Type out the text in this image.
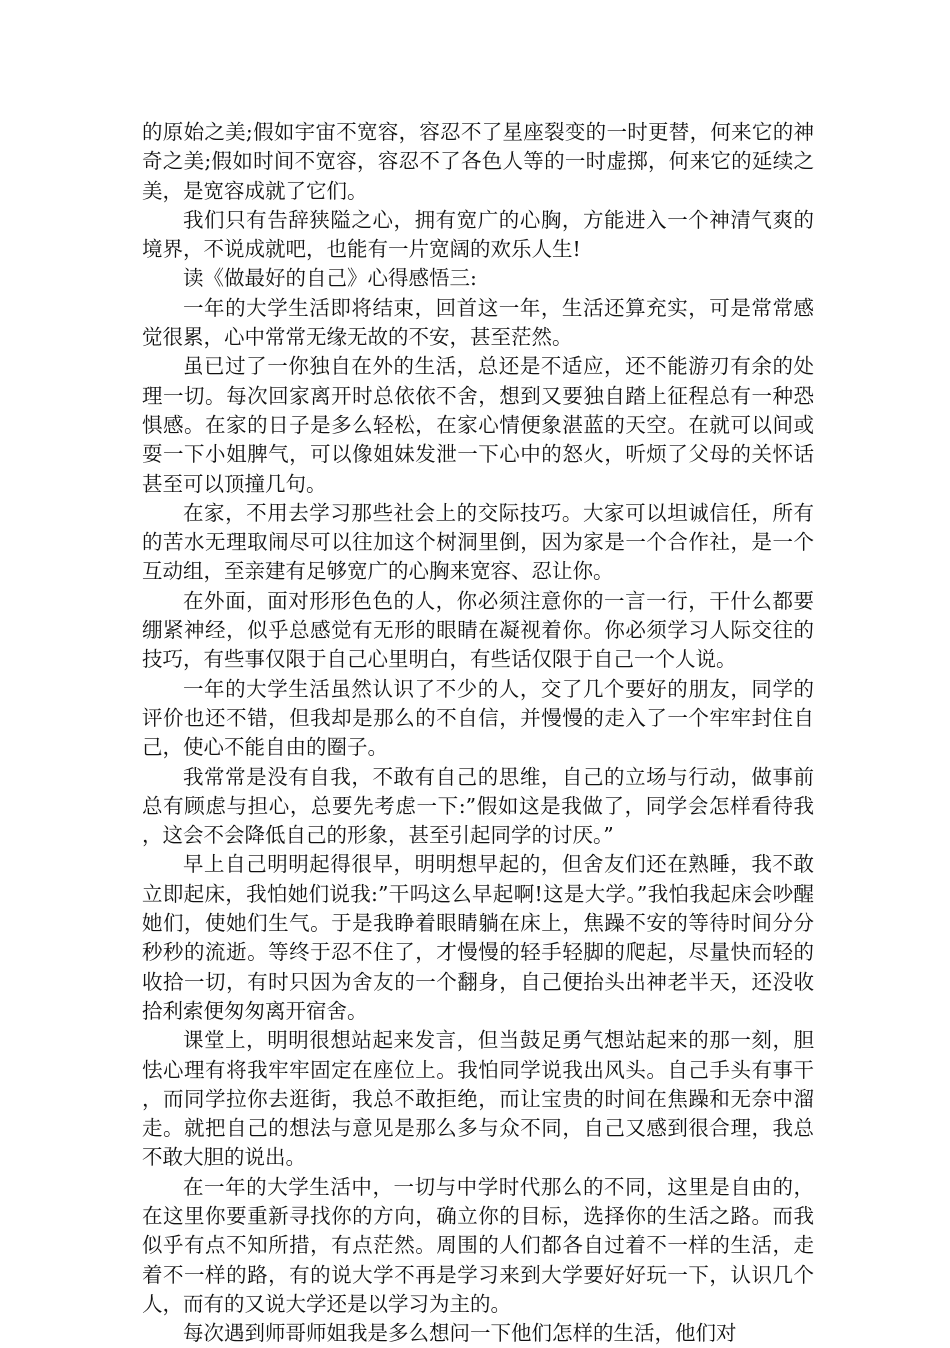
的原始之美;假如宇宙不宽容，容忍不了星座裂变的一时更替，何来它的神奇之美;假如时间不宽容，容忍不了各色人等的一时虚掷，何来它的延续之美，是宽容成就了它们。

我们只有告辞狭隘之心，拥有宽广的心胸，方能进入一个神清气爽的境界，不说成就吧，也能有一片宽阔的欢乐人生!

读《做最好的自己》心得感悟三:

一年的大学生活即将结束，回首这一年，生活还算充实，可是常常感觉很累，心中常常无缘无故的不安，甚至茫然。

虽已过了一你独自在外的生活，总还是不适应，还不能游刃有余的处理一切。每次回家离开时总依依不舍，想到又要独自踏上征程总有一种恐惧感。在家的日子是多么轻松，在家心情便象湛蓝的天空。在就可以间或耍一下小姐脾气，可以像姐妹发泄一下心中的怒火，听烦了父母的关怀话甚至可以顶撞几句。

在家，不用去学习那些社会上的交际技巧。大家可以坦诚信任，所有的苦水无理取闹尽可以往加这个树洞里倒，因为家是一个合作社，是一个互动组，至亲建有足够宽广的心胸来宽容、忍让你。

在外面，面对形形色色的人，你必须注意你的一言一行，干什么都要绷紧神经，似乎总感觉有无形的眼睛在凝视着你。你必须学习人际交往的技巧，有些事仅限于自己心里明白，有些话仅限于自己一个人说。

一年的大学生活虽然认识了不少的人，交了几个要好的朋友，同学的评价也还不错，但我却是那么的不自信，并慢慢的走入了一个牢牢封住自己，使心不能自由的圈子。

我常常是没有自我，不敢有自己的思维，自己的立场与行动，做事前总有顾虑与担心，总要先考虑一下:”假如这是我做了，同学会怎样看待我，这会不会降低自己的形象，甚至引起同学的讨厌。”

早上自己明明起得很早，明明想早起的，但舍友们还在熟睡，我不敢立即起床，我怕她们说我:”干吗这么早起啊!这是大学。”我怕我起床会吵醒她们，使她们生气。于是我睁着眼睛躺在床上，焦躁不安的等待时间分分秒秒的流逝。等终于忍不住了，才慢慢的轻手轻脚的爬起，尽量快而轻的收拾一切，有时只因为舍友的一个翻身，自己便抬头出神老半天，还没收拾利索便匆匆离开宿舍。

课堂上，明明很想站起来发言，但当鼓足勇气想站起来的那一刻，胆怯心理有将我牢牢固定在座位上。我怕同学说我出风头。自己手头有事干，而同学拉你去逛街，我总不敢拒绝，而让宝贵的时间在焦躁和无奈中溜走。就把自己的想法与意见是那么多与众不同，自己又感到很合理，我总不敢大胆的说出。

在一年的大学生活中，一切与中学时代那么的不同，这里是自由的，在这里你要重新寻找你的方向，确立你的目标，选择你的生活之路。而我似乎有点不知所措，有点茫然。周围的人们都各自过着不一样的生活，走着不一样的路，有的说大学不再是学习来到大学要好好玩一下，认识几个人，而有的又说大学还是以学习为主的。

每次遇到师哥师姐我是多么想问一下他们怎样的生活，他们对
